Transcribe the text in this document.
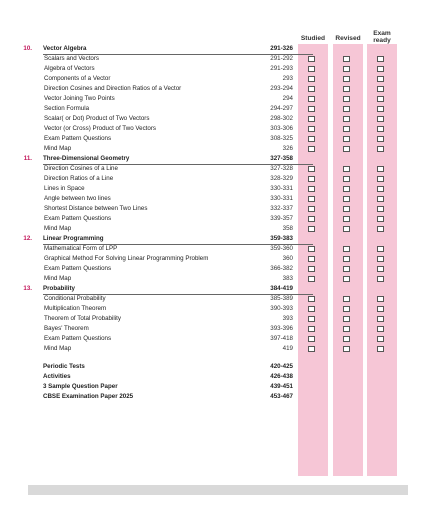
Studied	Revised
Exam
ready
10. Vector Algebra	291-326
Scalars and Vectors	291-292
Algebra of Vectors	291-293
Components of a Vector	293
Direction Cosines and Direction Ratios of a Vector	293-294
Vector Joining Two Points	294
Section Formula	294-297
Scalar( or Dot) Product of Two Vectors	298-302
Vector (or Cross) Product of Two Vectors	303-306
Exam Pattern Questions	308-325
Mind Map	326
11. Three-Dimensional Geometry	327-358
Direction Cosines of a Line	327-328
Direction Ratios of a Line	328-329
Lines in Space	330-331
Angle between two lines	330-331
Shortest Distance between Two Lines	332-337
Exam Pattern Questions	339-357
Mind Map	358
12. Linear Programming	359-383
Mathematical Form of LPP	359-360
Graphical Method For Solving Linear Programming Problem	360
Exam Pattern Questions	366-382
Mind Map	383
13. Probability	384-419
Conditional Probability	385-389
Multiplication Theorem	390-393
Theorem of Total Probability	393
Bayes' Theorem	393-396
Exam Pattern Questions	397-418
Mind Map	419
Periodic Tests	420-425
Activities	426-438
3 Sample Question Paper	439-451
CBSE Examination Paper 2025	453-467
